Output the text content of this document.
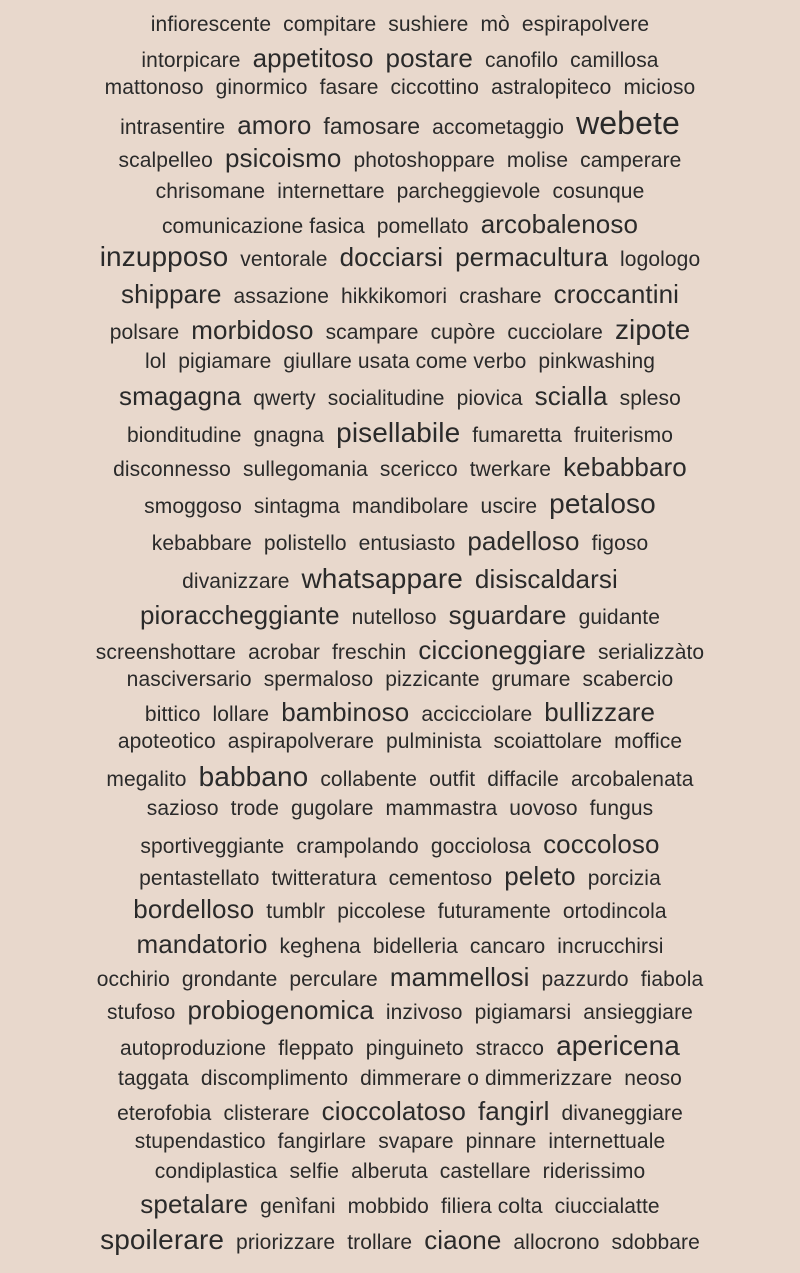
infiorescente compitare sushiere mò espirapolvere
intorpicare appetitoso postare canofilo camillosa
mattonoso ginormico fasare ciccottino astralopiteco micioso
intrasentire amoro famosare accometaggio webete
scalpelleo psicoismo photoshoppare molise camperare
chrisomane internettare parcheggievole cosunque
comunicazione fasica pomellato arcobalenoso
inzupposo ventorale docciarsi permacultura logologo
shippare assazione hikkikomori crashare croccantini
polsare morbidoso scampare cupòre cucciolare zipote
lol pigiamare giullare usata come verbo pinkwashing
smagagna qwerty socialitudine piovica scialla spleso
bionditudine gnagna pisellabile fumaretta fruiterismo
disconnesso sullegomania scericco twerkare kebabbaro
smoggoso sintagma mandibolare uscire petaloso
kebabbare polistello entusiasto padelloso figoso
divanizzare whatsappare disiscaldarsi
pioraccheggiante nutelloso sguardare guidante
screenshottare acrobar freschin ciccioneggiare serializzàto
nasciversario spermaloso pizzicante grumare scabercio
bittico lollare bambinoso accicciolare bullizzare
apoteotico aspirapolverare pulminista scoiattolare moffice
megalito babbano collabente outfit diffacile arcobalenata
sazioso trode gugolare mammastra uovoso fungus
sportiveggiante crampolando gocciolosa coccoloso
pentastellato twitteratura cementoso peleto porcizia
bordelloso tumblr piccolese futuramente ortodincola
mandatorio keghena bidelleria cancaro incrucchirsi
occhirio grondante perculare mammellosi pazzurdo fiabola
stufoso probiogenomica inzivoso pigiamarsi ansieggiare
autoproduzione fleppato pinguineto stracco apericena
taggata discomplimento dimmerare o dimmerizzare neoso
eterofobia clisterare cioccolatoso fangirl divaneggiare
stupendastico fangirlare svapare pinnare internettuale
condiplastica selfie alberuta castellare riderissimo
spetalare genìfani mobbido filiera colta ciuccialatte
spoilerare priorizzare trollare ciaone allocrono sdobbare
